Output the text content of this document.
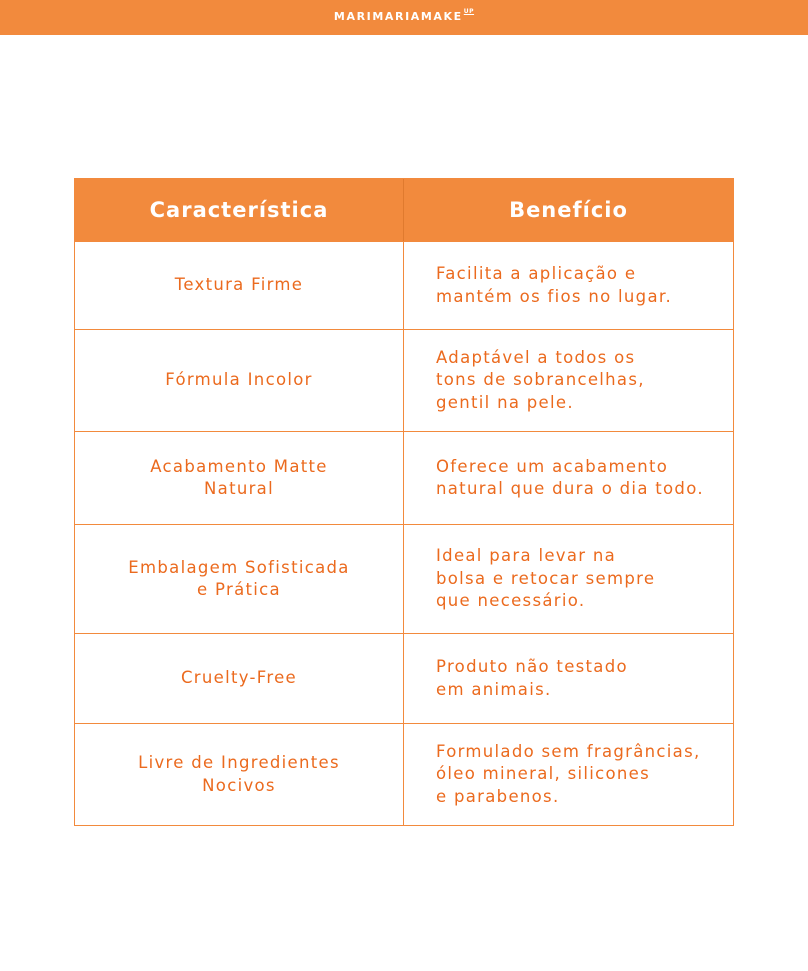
MARIMARIAMAKE UP
Característica	Benefício
Textura Firme
Facilita a aplicação e
mantém os fios no lugar.
Fórmula Incolor
Adaptável a todos os
tons de sobrancelhas,
gentil na pele.
Acabamento Matte
Natural
Oferece um acabamento
natural que dura o dia todo.
Embalagem Sofisticada
e Prática
Ideal para levar na
bolsa e retocar sempre
que necessário.
Cruelty-Free
Produto não testado
em animais.
Livre de Ingredientes
Nocivos
Formulado sem fragrâncias,
óleo mineral, silicones
e parabenos.
